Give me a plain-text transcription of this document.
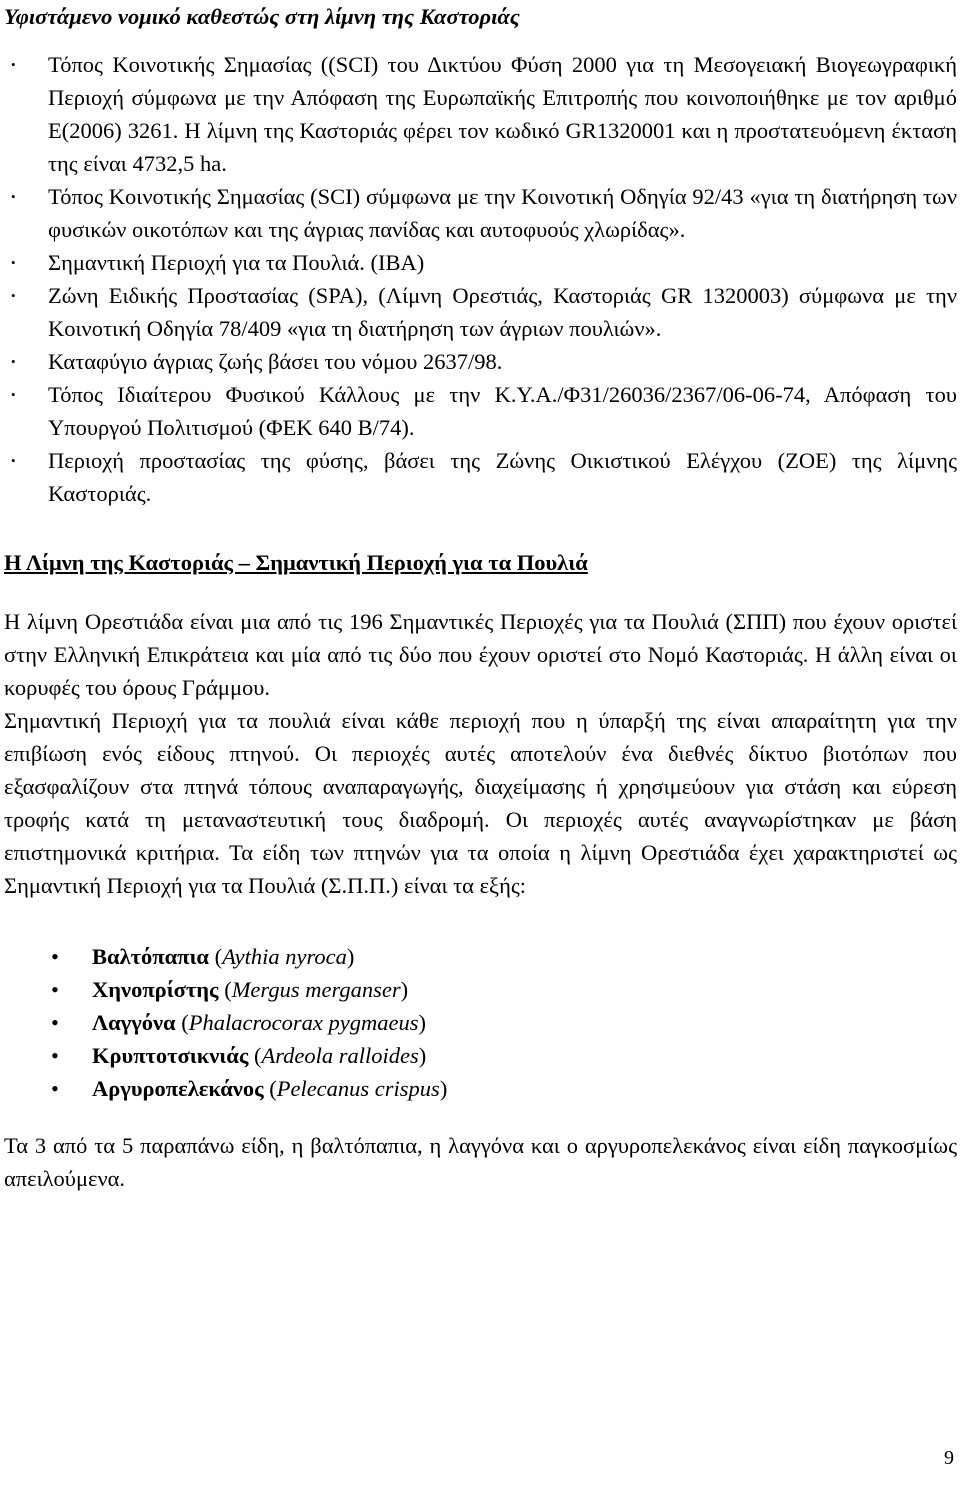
Υφιστάμενο νομικό καθεστώς στη λίμνη της Καστοριάς
• Τόπος Κοινοτικής Σημασίας ((SCI) του Δικτύου Φύση 2000 για τη Μεσογειακή Βιογεωγραφική Περιοχή σύμφωνα με την Απόφαση της Ευρωπαϊκής Επιτροπής που κοινοποιήθηκε με τον αριθμό Ε(2006) 3261. Η λίμνη της Καστοριάς φέρει τον κωδικό GR1320001 και η προστατευόμενη έκταση της είναι 4732,5 ha.
• Τόπος Κοινοτικής Σημασίας (SCI) σύμφωνα με την Κοινοτική Οδηγία 92/43 «για τη διατήρηση των φυσικών οικοτόπων και της άγριας πανίδας και αυτοφυούς χλωρίδας».
• Σημαντική Περιοχή για τα Πουλιά. (IBA)
• Ζώνη Ειδικής Προστασίας (SPA), (Λίμνη Ορεστιάς, Καστοριάς GR 1320003) σύμφωνα με την Κοινοτική Οδηγία 78/409 «για τη διατήρηση των άγριων πουλιών».
• Καταφύγιο άγριας ζωής βάσει του νόμου 2637/98.
• Τόπος Ιδιαίτερου Φυσικού Κάλλους με την Κ.Υ.Α./Φ31/26036/2367/06-06-74, Απόφαση του Υπουργού Πολιτισμού (ΦΕΚ 640 Β/74).
• Περιοχή προστασίας της φύσης, βάσει της Ζώνης Οικιστικού Ελέγχου (ΖΟΕ) της λίμνης Καστοριάς.

Η Λίμνη της Καστοριάς – Σημαντική Περιοχή για τα Πουλιά

Η λίμνη Ορεστιάδα είναι μια από τις 196 Σημαντικές Περιοχές για τα Πουλιά (ΣΠΠ) που έχουν οριστεί στην Ελληνική Επικράτεια και μία από τις δύο που έχουν οριστεί στο Νομό Καστοριάς. Η άλλη είναι οι κορυφές του όρους Γράμμου.

Σημαντική Περιοχή για τα πουλιά είναι κάθε περιοχή που η ύπαρξή της είναι απαραίτητη για την επιβίωση ενός είδους πτηνού. Οι περιοχές αυτές αποτελούν ένα διεθνές δίκτυο βιοτόπων που εξασφαλίζουν στα πτηνά τόπους αναπαραγωγής, διαχείμασης ή χρησιμεύουν για στάση και εύρεση τροφής κατά τη μεταναστευτική τους διαδρομή. Οι περιοχές αυτές αναγνωρίστηκαν με βάση επιστημονικά κριτήρια. Τα είδη των πτηνών για τα οποία η λίμνη Ορεστιάδα έχει χαρακτηριστεί ως Σημαντική Περιοχή για τα Πουλιά (Σ.Π.Π.) είναι τα εξής:

• Βαλτόπαπια (Aythia nyroca)
• Χηνοπρίστης (Mergus merganser)
• Λαγγόνα (Phalacrocorax pygmaeus)
• Κρυπτοτσικνιάς (Ardeola ralloides)
• Αργυροπελεκάνος (Pelecanus crispus)

Τα 3 από τα 5 παραπάνω είδη, η βαλτόπαπια, η λαγγόνα και ο αργυροπελεκάνος είναι είδη παγκοσμίως απειλούμενα.

9
